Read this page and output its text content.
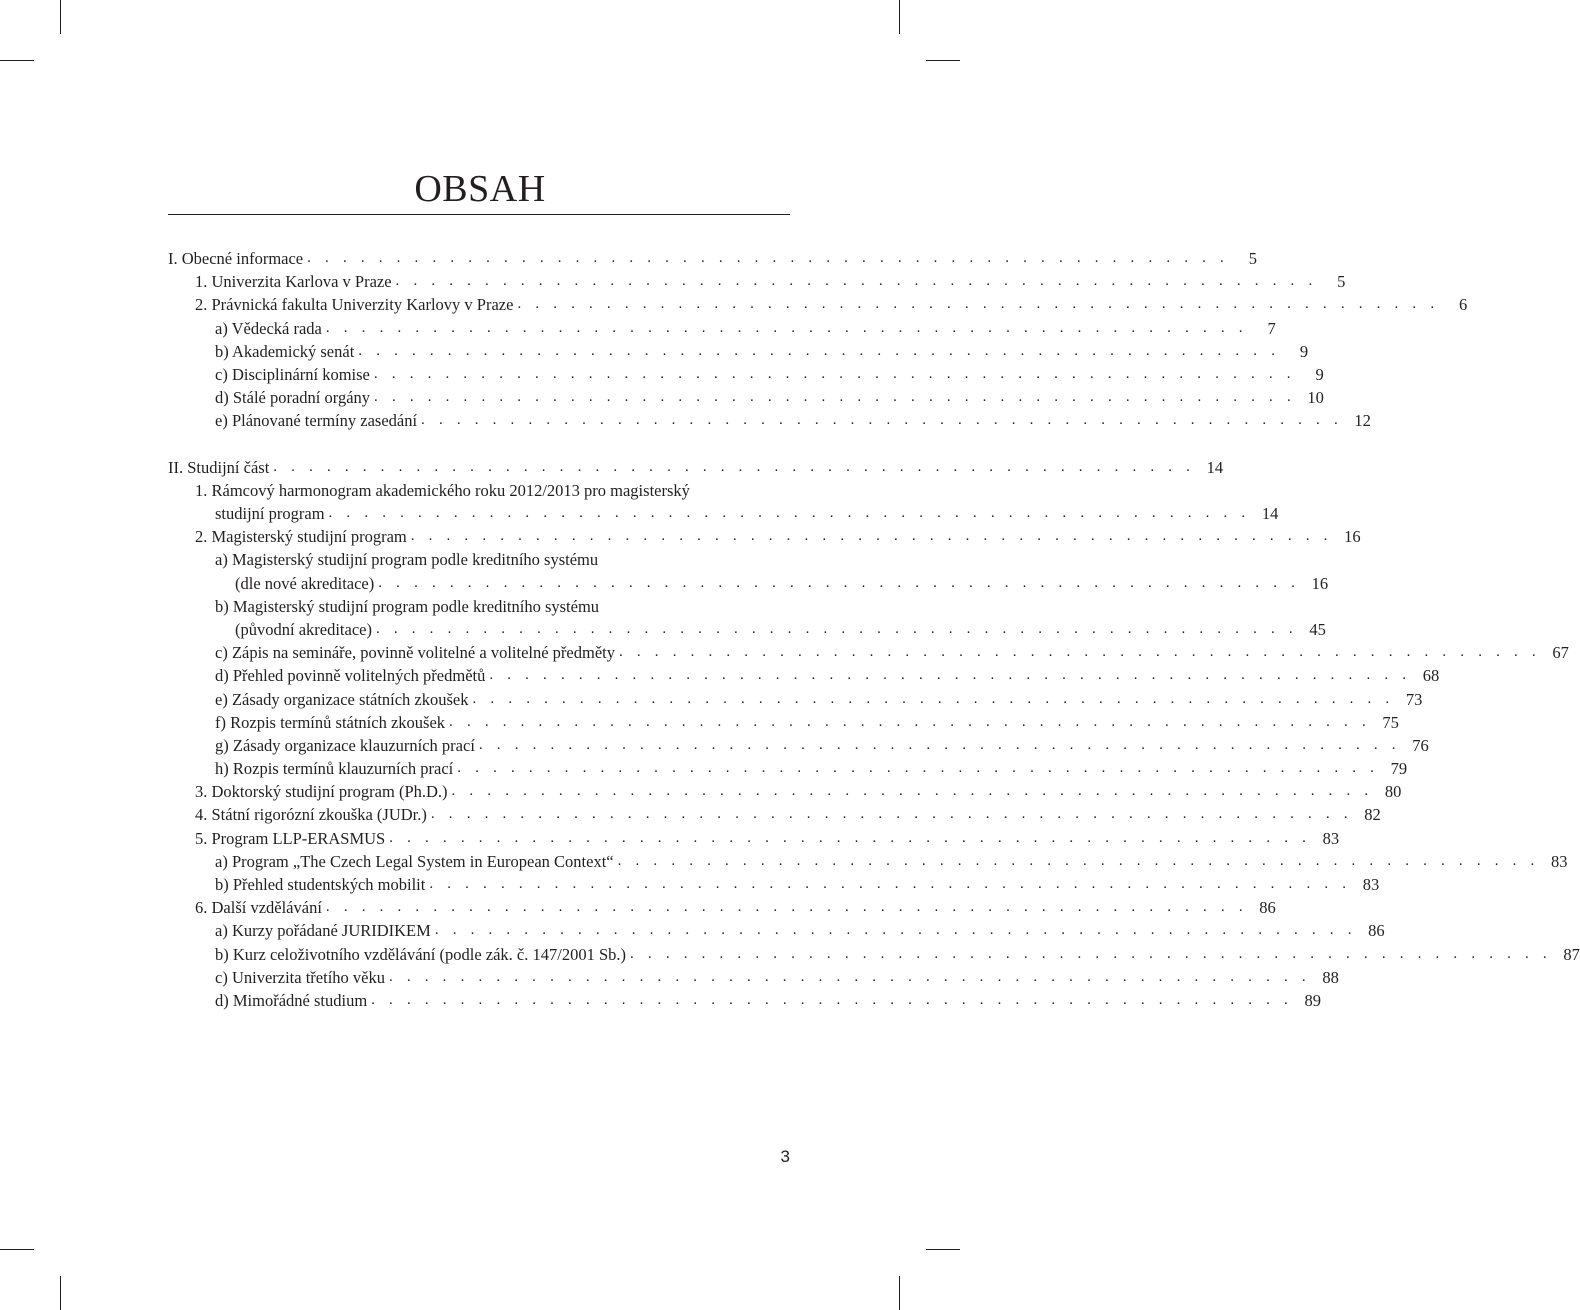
OBSAH
I. Obecné informace . . . . . . . . . . . . . . . . . . . . . . . . . . . . . . . . . . . . . . . . . . . . . . . . . . . .	5
1. Univerzita Karlova v Praze . . . . . . . . . . . . . . . . . . . . . . . . . . . . . . . . . . . . . . . . . . . . . . . . . . . .	5
2. Právnická fakulta Univerzity Karlovy v Praze . . . . . . . . . . . . . . . . . . . . . . . . . . . . . . . . . . . . . . . . . . . . . . . . . . . .	6
a) Vědecká rada . . . . . . . . . . . . . . . . . . . . . . . . . . . . . . . . . . . . . . . . . . . . . . . . . . . .	7
b) Akademický senát . . . . . . . . . . . . . . . . . . . . . . . . . . . . . . . . . . . . . . . . . . . . . . . . . . . .	9
c) Disciplinární komise . . . . . . . . . . . . . . . . . . . . . . . . . . . . . . . . . . . . . . . . . . . . . . . . . . . .	9
d) Stálé poradní orgány . . . . . . . . . . . . . . . . . . . . . . . . . . . . . . . . . . . . . . . . . . . . . . . . . . . . 10
e) Plánované termíny zasedání . . . . . . . . . . . . . . . . . . . . . . . . . . . . . . . . . . . . . . . . . . . . . . . . . . . . 12
II. Studijní část . . . . . . . . . . . . . . . . . . . . . . . . . . . . . . . . . . . . . . . . . . . . . . . . . . . . 14
1. Rámcový harmonogram akademického roku 2012/2013 pro magisterský
studijní program . . . . . . . . . . . . . . . . . . . . . . . . . . . . . . . . . . . . . . . . . . . . . . . . . . . . 14
2. Magisterský studijní program . . . . . . . . . . . . . . . . . . . . . . . . . . . . . . . . . . . . . . . . . . . . . . . . . . . . 16
a) Magisterský studijní program podle kreditního systému
(dle nové akreditace) . . . . . . . . . . . . . . . . . . . . . . . . . . . . . . . . . . . . . . . . . . . . . . . . . . . . 16
b) Magisterský studijní program podle kreditního systému
(původní akreditace) . . . . . . . . . . . . . . . . . . . . . . . . . . . . . . . . . . . . . . . . . . . . . . . . . . . . 45
c) Zápis na semináře, povinně volitelné a volitelné předměty . . . . . . . . . . . . . . . . . . . . . . . . . . . . . . . . . . . . . . . . . . . . . . . . . . . . 67
d) Přehled povinně volitelných předmětů . . . . . . . . . . . . . . . . . . . . . . . . . . . . . . . . . . . . . . . . . . . . . . . . . . . . 68
e) Zásady organizace státních zkoušek . . . . . . . . . . . . . . . . . . . . . . . . . . . . . . . . . . . . . . . . . . . . . . . . . . . . 73
f) Rozpis termínů státních zkoušek . . . . . . . . . . . . . . . . . . . . . . . . . . . . . . . . . . . . . . . . . . . . . . . . . . . . 75
g) Zásady organizace klauzurních prací . . . . . . . . . . . . . . . . . . . . . . . . . . . . . . . . . . . . . . . . . . . . . . . . . . . . 76
h) Rozpis termínů klauzurních prací . . . . . . . . . . . . . . . . . . . . . . . . . . . . . . . . . . . . . . . . . . . . . . . . . . . . 79
3. Doktorský studijní program (Ph.D.) . . . . . . . . . . . . . . . . . . . . . . . . . . . . . . . . . . . . . . . . . . . . . . . . . . . . 80
4. Státní rigorózní zkouška (JUDr.) . . . . . . . . . . . . . . . . . . . . . . . . . . . . . . . . . . . . . . . . . . . . . . . . . . . . 82
5. Program LLP-ERASMUS . . . . . . . . . . . . . . . . . . . . . . . . . . . . . . . . . . . . . . . . . . . . . . . . . . . . 83
a) Program „The Czech Legal System in European Context“ . . . . . . . . . . . . . . . . . . . . . . . . . . . . . . . . . . . . . . . . . . . . . . . . . . . . 83
b) Přehled studentských mobilit . . . . . . . . . . . . . . . . . . . . . . . . . . . . . . . . . . . . . . . . . . . . . . . . . . . . 83
6. Další vzdělávání . . . . . . . . . . . . . . . . . . . . . . . . . . . . . . . . . . . . . . . . . . . . . . . . . . . . 86
a) Kurzy pořádané JURIDIKEM . . . . . . . . . . . . . . . . . . . . . . . . . . . . . . . . . . . . . . . . . . . . . . . . . . . . 86
b) Kurz celoživotního vzdělávání (podle zák. č. 147/2001 Sb.) . . . . . . . . . . . . . . . . . . . . . . . . . . . . . . . . . . . . . . . . . . . . . . . . . . . . 87
c) Univerzita třetího věku . . . . . . . . . . . . . . . . . . . . . . . . . . . . . . . . . . . . . . . . . . . . . . . . . . . . 88
d) Mimořádné studium . . . . . . . . . . . . . . . . . . . . . . . . . . . . . . . . . . . . . . . . . . . . . . . . . . . . 89
3
